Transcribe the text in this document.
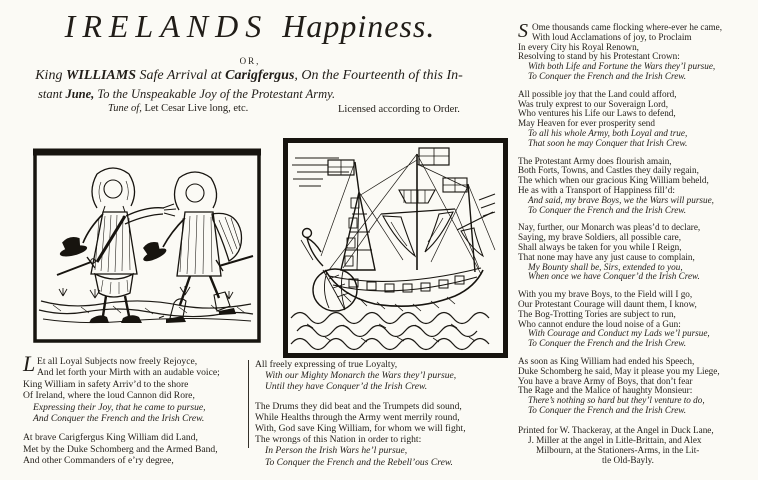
IRELANDS Happiness.
OR,
King WILLIAMS Safe Arrival at Carigfergus, On the Fourteenth of this In-
stant June, To the Unspeakable Joy of the Protestant Army.
Tune of, Let Cesar Live long, etc.	Licensed according to Order.
L Et all Loyal Subjects now freely Rejoyce,
And let forth your Mirth with an audable voice;
King William in safety Arriv’d to the shore
Of Ireland, where the loud Cannon did Rore,
Expressing their Joy, that he came to pursue,
And Conquer the French and the Irish Crew.
At brave Carigfergus King William did Land,
Met by the Duke Schomberg and the Armed Band,
And other Commanders of e’ry degree,
All freely expressing of true Loyalty,
With our Mighty Monarch the Wars they’l pursue,
Until they have Conquer’d the Irish Crew.
The Drums they did beat and the Trumpets did sound,
While Healths through the Army went merrily round,
With, God save King William, for whom we will fight,
The wrongs of this Nation in order to right:
In Person the Irish Wars he’l pursue,
To Conquer the French and the Rebell’ous Crew.
S Ome thousands came flocking where-ever he came,
With loud Acclamations of joy, to Proclaim
In every City his Royal Renown,
Resolving to stand by his Protestant Crown:
With both Life and Fortune the Wars they’l pursue,
To Conquer the French and the Irish Crew.
All possible joy that the Land could afford,
Was truly exprest to our Soveraign Lord,
Who ventures his Life our Laws to defend,
May Heaven for ever prosperity send
To all his whole Army, both Loyal and true,
That soon he may Conquer that Irish Crew.
The Protestant Army does flourish amain,
Both Forts, Towns, and Castles they daily regain,
The which when our gracious King William beheld,
He as with a Transport of Happiness fill’d:
And said, my brave Boys, we the Wars will pursue,
To Conquer the French and the Irish Crew.
Nay, further, our Monarch was pleas’d to declare,
Saying, my brave Soldiers, all possible care,
Shall always be taken for you while I Reign,
That none may have any just cause to complain,
My Bounty shall be, Sirs, extended to you,
When once we have Conquer’d the Irish Crew.
With you my brave Boys, to the Field will I go,
Our Protestant Courage will daunt them, I know,
The Bog-Trotting Tories are subject to run,
Who cannot endure the loud noise of a Gun:
With Courage and Conduct my Lads we’l pursue,
To Conquer the French and the Irish Crew.
As soon as King William had ended his Speech,
Duke Schomberg he said, May it please you my Liege,
You have a brave Army of Boys, that don’t fear
The Rage and the Malice of haughty Monsieur:
There’s nothing so hard but they’l venture to do,
To Conquer the French and the Irish Crew.
Printed for W. Thackeray, at the Angel in Duck Lane,
J. Miller at the angel in Litle-Brittain, and Alex
Milbourn, at the Stationers-Arms, in the Lit-
tle Old-Bayly.
